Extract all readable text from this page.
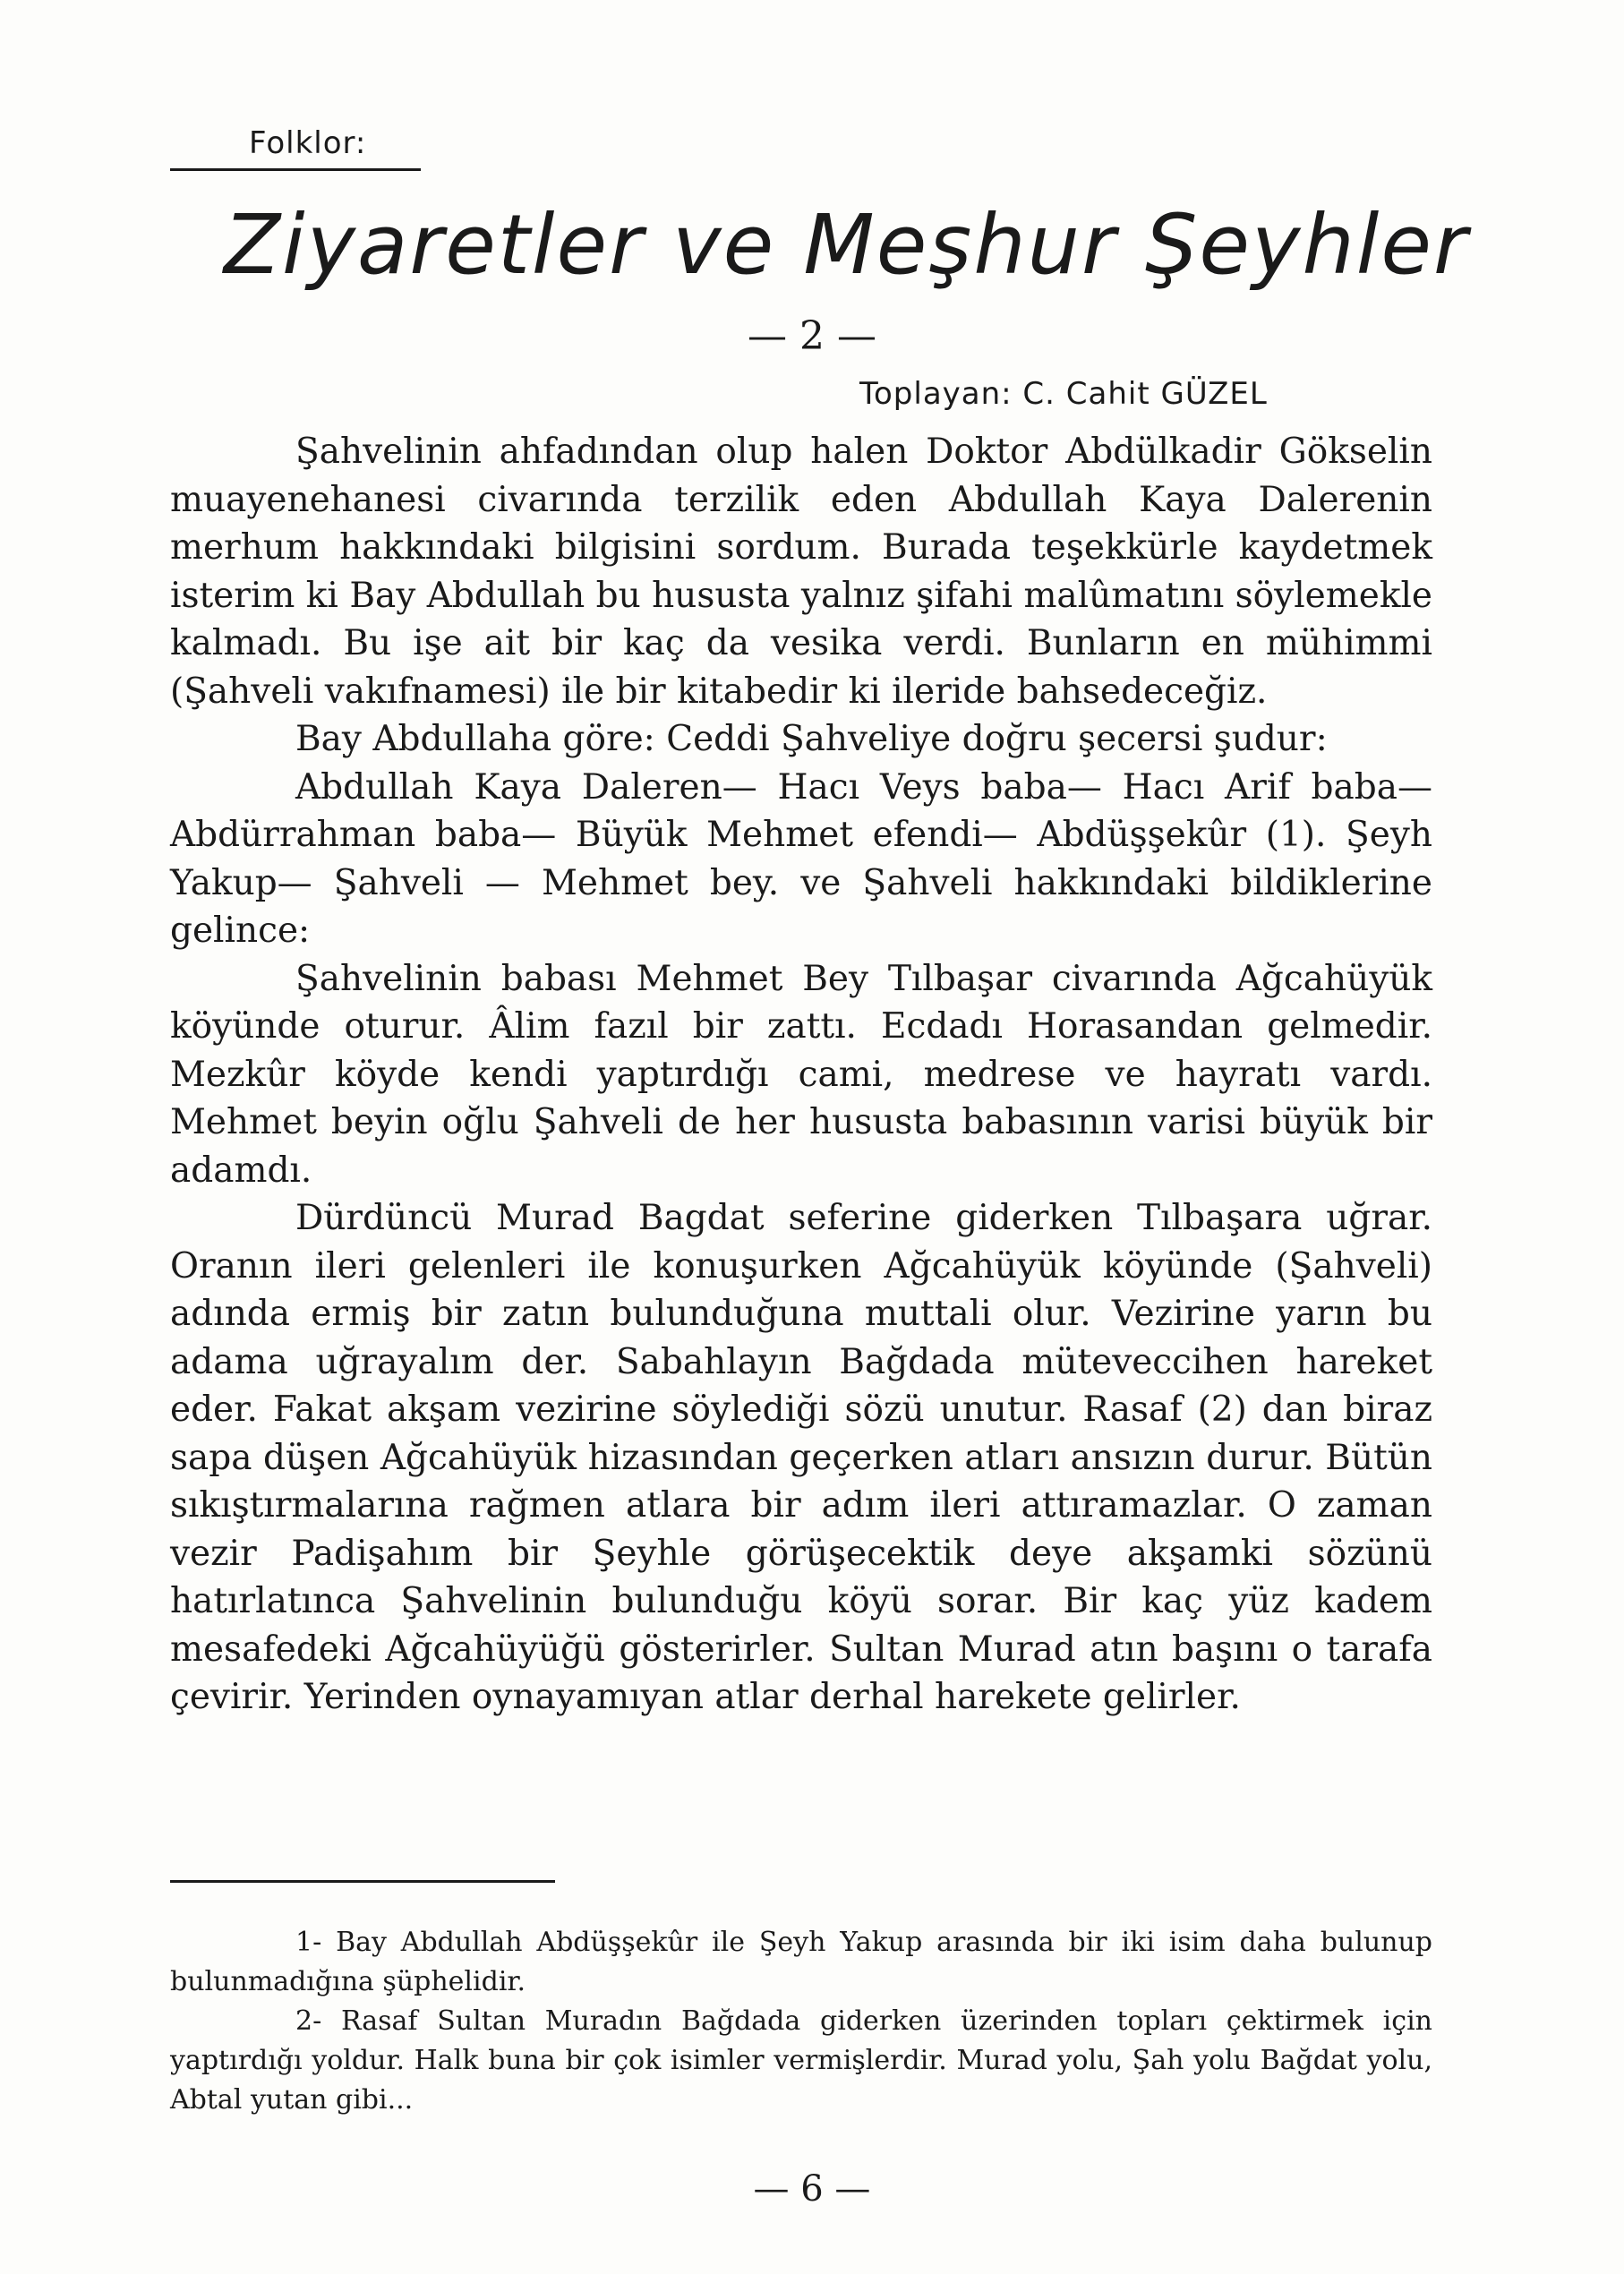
Folklor:
Ziyaretler ve Meşhur Şeyhler
— 2 —
Toplayan: C. Cahit GÜZEL

Şahvelinin ahfadından olup halen Doktor Abdülkadir Gökselin muayenehanesi civarında terzilik eden Abdullah Kaya Dalerenin merhum hakkındaki bilgisini sordum. Burada teşekkürle kaydetmek isterim ki Bay Abdullah bu hususta yalnız şifahi malûmatını söylemekle kalmadı. Bu işe ait bir kaç da vesika verdi. Bunların en mühimmi (Şahveli vakıfnamesi) ile bir kitabedir ki ileride bahsedeceğiz.

Bay Abdullaha göre: Ceddi Şahveliye doğru şecersi şudur:

Abdullah Kaya Daleren— Hacı Veys baba— Hacı Arif baba— Abdürrahman baba— Büyük Mehmet efendi— Abdüşşekûr (1). Şeyh Yakup— Şahveli — Mehmet bey. ve Şahveli hakkındaki bildiklerine gelince:

Şahvelinin babası Mehmet Bey Tılbaşar civarında Ağcahüyük köyünde oturur. Âlim fazıl bir zattı. Ecdadı Horasandan gelmedir. Mezkûr köyde kendi yaptırdığı cami, medrese ve hayratı vardı. Mehmet beyin oğlu Şahveli de her hususta babasının varisi büyük bir adamdı.

Dürdüncü Murad Bagdat seferine giderken Tılbaşara uğrar. Oranın ileri gelenleri ile konuşurken Ağcahüyük köyünde (Şahveli) adında ermiş bir zatın bulunduğuna muttali olur. Vezirine yarın bu adama uğrayalım der. Sabahlayın Bağdada müteveccihen hareket eder. Fakat akşam vezirine söylediği sözü unutur. Rasaf (2) dan biraz sapa düşen Ağcahüyük hizasından geçerken atları ansızın durur. Bütün sıkıştırmalarına rağmen atlara bir adım ileri attıramazlar. O zaman vezir Padişahım bir Şeyhle görüşecektik deye akşamki sözünü hatırlatınca Şahvelinin bulunduğu köyü sorar. Bir kaç yüz kadem mesafedeki Ağcahüyüğü gösterirler. Sultan Murad atın başını o tarafa çevirir. Yerinden oynayamıyan atlar derhal harekete gelirler.

1- Bay Abdullah Abdüşşekûr ile Şeyh Yakup arasında bir iki isim daha bulunup bulunmadığına şüphelidir.

2- Rasaf Sultan Muradın Bağdada giderken üzerinden topları çektirmek için yaptırdığı yoldur. Halk buna bir çok isimler vermişlerdir. Murad yolu, Şah yolu Bağdat yolu, Abtal yutan gibi...

— 6 —
